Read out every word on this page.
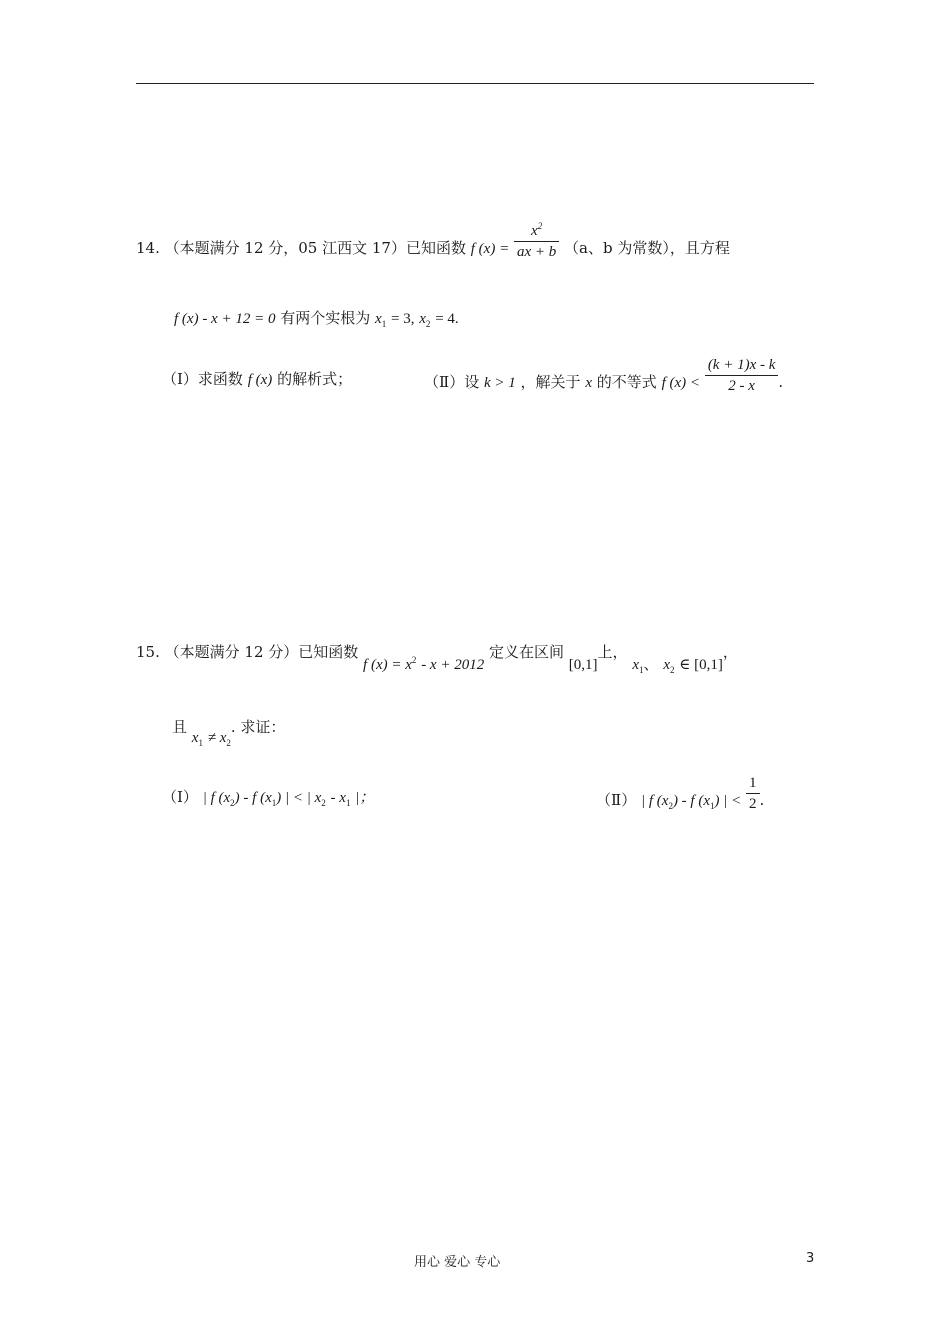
14. （本题满分 12 分，05 江西文 17）已知函数 f $(x) = \frac{x^2}{ax + b} (a$、b 为常数），且方程
f (x) - x + 12 = 0 有两个实根为 $x_1 = 3$, $x_2 = 4$.
（Ⅰ）求函数 f (x) 的解析式；	（Ⅱ）设 k > 1 ，解关于 x 的不等式 f $(x) < \frac{(k + 1)x - k}{2 - x}$ .
15. （本题满分 12 分）已知函数 f $(x) = x_2 - x + 2012$ 定义在区间 [0,1]上， $x_1$、 $x_2$ ∈ [0,1]，
且 $x_1 \ne x_2$. 求证：
（Ⅰ） | f $(x_2)$ - f $(x_1)$ | < | $x_2 - x_1$ |；	（Ⅱ） | f $(x_2)$ - f $(x_1)$ | < $\frac{1}{2}$ .
用心 爱心 专心	3
